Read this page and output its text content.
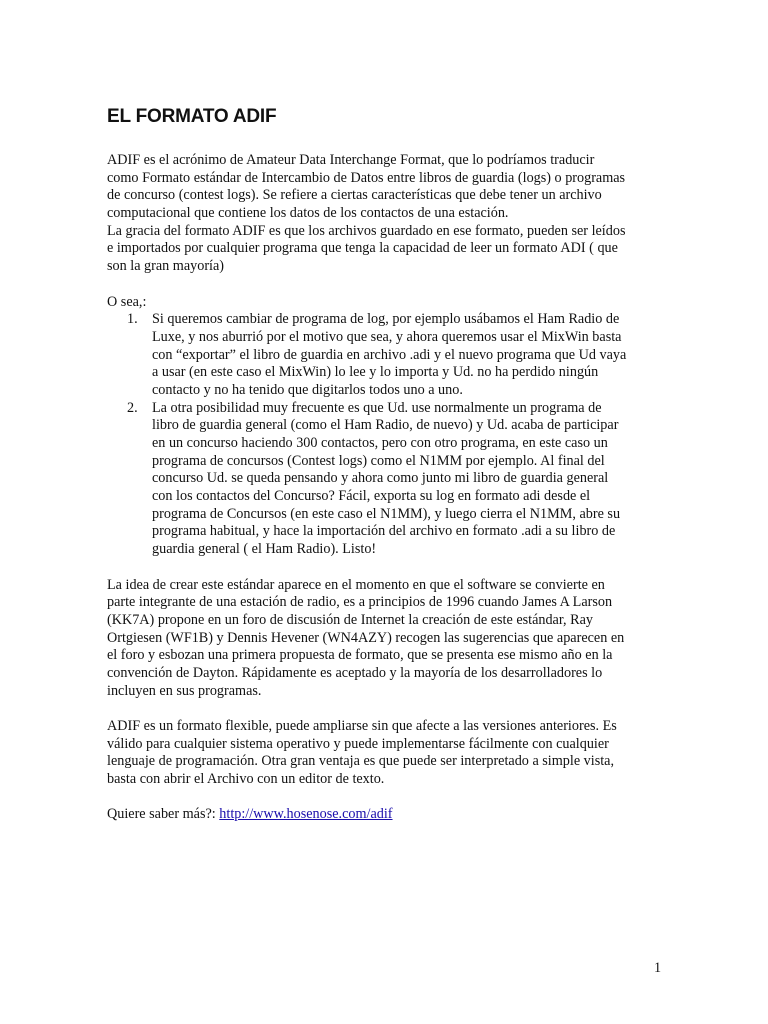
EL FORMATO ADIF
ADIF es el acrónimo de Amateur Data Interchange Format, que lo podríamos traducir
como Formato estándar de Intercambio de Datos entre libros de guardia (logs) o programas
de concurso (contest logs). Se refiere a ciertas características que debe tener un archivo
computacional que contiene los datos de los contactos de una estación.
La gracia del formato ADIF es que los archivos guardado en ese formato, pueden ser leídos
e importados por cualquier programa que tenga la capacidad de leer un formato ADI ( que
son la gran mayoría)
O sea,:
1. Si queremos cambiar de programa de log, por ejemplo usábamos el Ham Radio de
Luxe, y nos aburrió por el motivo que sea, y ahora queremos usar el MixWin basta
con “exportar” el libro de guardia en archivo .adi y el nuevo programa que Ud vaya
a usar (en este caso el MixWin) lo lee y lo importa y Ud. no ha perdido ningún
contacto y no ha tenido que digitarlos todos uno a uno.
2. La otra posibilidad muy frecuente es que Ud. use normalmente un programa de
libro de guardia general (como el Ham Radio, de nuevo) y Ud. acaba de participar
en un concurso haciendo 300 contactos, pero con otro programa, en este caso un
programa de concursos (Contest logs) como el N1MM por ejemplo. Al final del
concurso Ud. se queda pensando y ahora como junto mi libro de guardia general
con los contactos del Concurso? Fácil, exporta su log en formato adi desde el
programa de Concursos (en este caso el N1MM), y luego cierra el N1MM, abre su
programa habitual, y hace la importación del archivo en formato .adi a su libro de
guardia general ( el Ham Radio). Listo!
La idea de crear este estándar aparece en el momento en que el software se convierte en
parte integrante de una estación de radio, es a principios de 1996 cuando James A Larson
(KK7A) propone en un foro de discusión de Internet la creación de este estándar, Ray
Ortgiesen (WF1B) y Dennis Hevener (WN4AZY) recogen las sugerencias que aparecen en
el foro y esbozan una primera propuesta de formato, que se presenta ese mismo año en la
convención de Dayton. Rápidamente es aceptado y la mayoría de los desarrolladores lo
incluyen en sus programas.
ADIF es un formato flexible, puede ampliarse sin que afecte a las versiones anteriores. Es
válido para cualquier sistema operativo y puede implementarse fácilmente con cualquier
lenguaje de programación. Otra gran ventaja es que puede ser interpretado a simple vista,
basta con abrir el Archivo con un editor de texto.
Quiere saber más?: http://www.hosenose.com/adif
1
